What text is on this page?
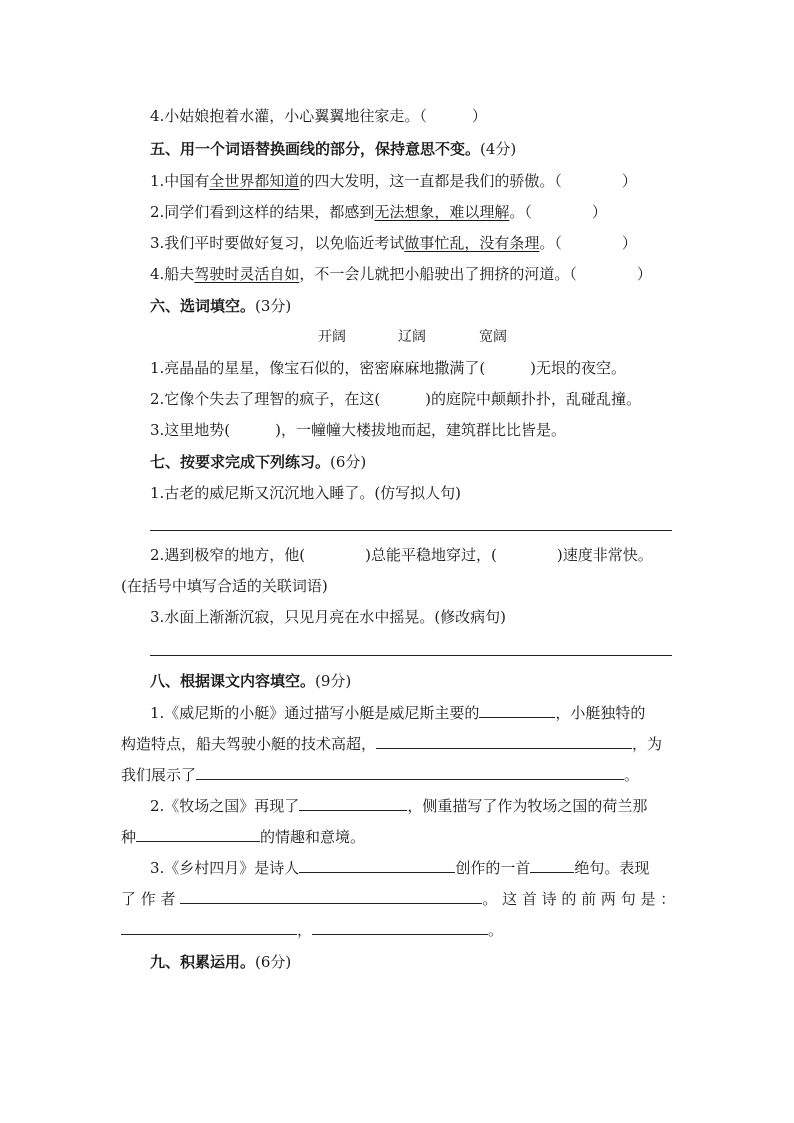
4.小姑娘抱着水灌，小心翼翼地往家走。（　　　）
五、用一个词语替换画线的部分，保持意思不变。(4分)
1.中国有全世界都知道的四大发明，这一直都是我们的骄傲。（　　　　）
2.同学们看到这样的结果，都感到无法想象，难以理解。（　　　　）
3.我们平时要做好复习，以免临近考试做事忙乱，没有条理。（　　　　）
4.船夫驾驶时灵活自如，不一会儿就把小船驶出了拥挤的河道。（　　　　）
六、选词填空。(3分)
开阔	辽阔	宽阔
1.亮晶晶的星星，像宝石似的，密密麻麻地撒满了(　　　)无垠的夜空。
2.它像个失去了理智的疯子，在这(　　　)的庭院中颠颠扑扑，乱碰乱撞。
3.这里地势(　　　)，一幢幢大楼拔地而起，建筑群比比皆是。
七、按要求完成下列练习。(6分)
1.古老的威尼斯又沉沉地入睡了。(仿写拟人句)
2.遇到极窄的地方，他(　　　　)总能平稳地穿过，(　　　　)速度非常快。
(在括号中填写合适的关联词语)
3.水面上渐渐沉寂，只见月亮在水中摇晃。(修改病句)
八、根据课文内容填空。(9分)
1.《威尼斯的小艇》通过描写小艇是威尼斯主要的	，小艇独特的
构造特点，船夫驾驶小艇的技术高超，	，为
我们展示了	。
2.《牧场之国》再现了	，侧重描写了作为牧场之国的荷兰那
种	的情趣和意境。
3.《乡村四月》是诗人	创作的一首	绝句。表现
了 作 者	。 这 首 诗 的 前 两 句 是 ：
，	。
九、积累运用。(6分)
